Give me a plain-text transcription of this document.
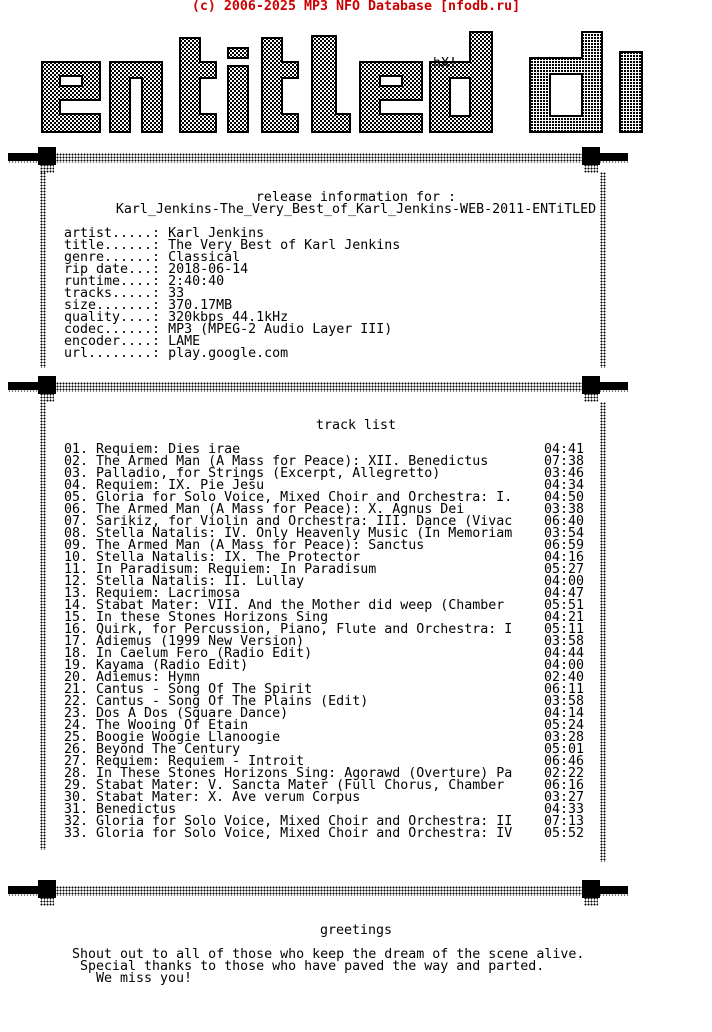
(c) 2006-2025 MP3 NFO Database [nfodb.ru]
hX!
release information for :
Karl_Jenkins-The_Very_Best_of_Karl_Jenkins-WEB-2011-ENTiTLED
artist.....: Karl Jenkins
title......: The Very Best of Karl Jenkins
genre......: Classical
rip date...: 2018-06-14
runtime....: 2:40:40
tracks.....: 33
size.......: 370.17MB
quality....: 320kbps 44.1kHz
codec......: MP3 (MPEG-2 Audio Layer III)
encoder....: LAME
url........: play.google.com
track list
01. Requiem: Dies irae	04:41
02. The Armed Man (A Mass for Peace): XII. Benedictus	07:38
03. Palladio, for Strings (Excerpt, Allegretto)	03:46
04. Requiem: IX. Pie Jesu	04:34
05. Gloria for Solo Voice, Mixed Choir and Orchestra: I. 04:50
06. The Armed Man (A Mass for Peace): X. Agnus Dei	03:38
07. Sarikiz, for Violin and Orchestra: III. Dance (Vivac 06:40
08. Stella Natalis: IV. Only Heavenly Music (In Memoriam 03:54
09. The Armed Man (A Mass for Peace): Sanctus	06:59
10. Stella Natalis: IX. The Protector	04:16
11. In Paradisum: Requiem: In Paradisum	05:27
12. Stella Natalis: II. Lullay	04:00
13. Requiem: Lacrimosa	04:47
14. Stabat Mater: VII. And the Mother did weep (Chamber	05:51
15. In these Stones Horizons Sing	04:21
16. Quirk, for Percussion, Piano, Flute and Orchestra: I 05:11
17. Adiemus (1999 New Version)	03:58
18. In Caelum Fero (Radio Edit)	04:44
19. Kayama (Radio Edit)	04:00
20. Adiemus: Hymn	02:40
21. Cantus - Song Of The Spirit	06:11
22. Cantus - Song Of The Plains (Edit)	03:58
23. Dos A Dos (Square Dance)	04:14
24. The Wooing Of Etain	05:24
25. Boogie Woogie Llanoogie	03:28
26. Beyond The Century	05:01
27. Requiem: Requiem - Introit	06:46
28. In These Stones Horizons Sing: Agorawd (Overture) Pa 02:22
29. Stabat Mater: V. Sancta Mater (Full Chorus, Chamber	06:16
30. Stabat Mater: X. Ave verum Corpus	03:27
31. Benedictus	04:33
32. Gloria for Solo Voice, Mixed Choir and Orchestra: II 07:13
33. Gloria for Solo Voice, Mixed Choir and Orchestra: IV 05:52
greetings
Shout out to all of those who keep the dream of the scene alive.
Special thanks to those who have paved the way and parted.
We miss you!
